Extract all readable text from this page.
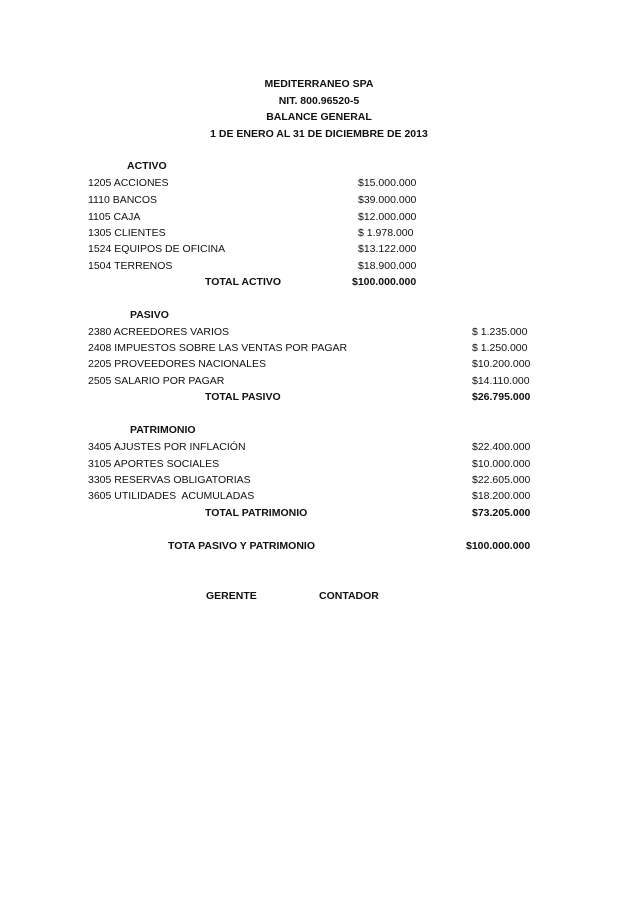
MEDITERRANEO SPA
NIT. 800.96520-5
BALANCE GENERAL
1 DE ENERO AL 31 DE DICIEMBRE DE 2013
ACTIVO
1205 ACCIONES	$15.000.000
1110 BANCOS	$39.000.000
1105 CAJA	$12.000.000
1305 CLIENTES	$ 1.978.000
1524 EQUIPOS DE OFICINA	$13.122.000
1504 TERRENOS	$18.900.000
TOTAL ACTIVO	$100.000.000
PASIVO
2380 ACREEDORES VARIOS	$ 1.235.000
2408 IMPUESTOS SOBRE LAS VENTAS POR PAGAR	$ 1.250.000
2205 PROVEEDORES NACIONALES	$10.200.000
2505 SALARIO POR PAGAR	$14.110.000
TOTAL PASIVO	$26.795.000
PATRIMONIO
3405 AJUSTES POR INFLACIÓN	$22.400.000
3105 APORTES SOCIALES	$10.000.000
3305 RESERVAS OBLIGATORIAS	$22.605.000
3605 UTILIDADES  ACUMULADAS	$18.200.000
TOTAL PATRIMONIO	$73.205.000
TOTA PASIVO Y PATRIMONIO	$100.000.000
GERENTE	CONTADOR
